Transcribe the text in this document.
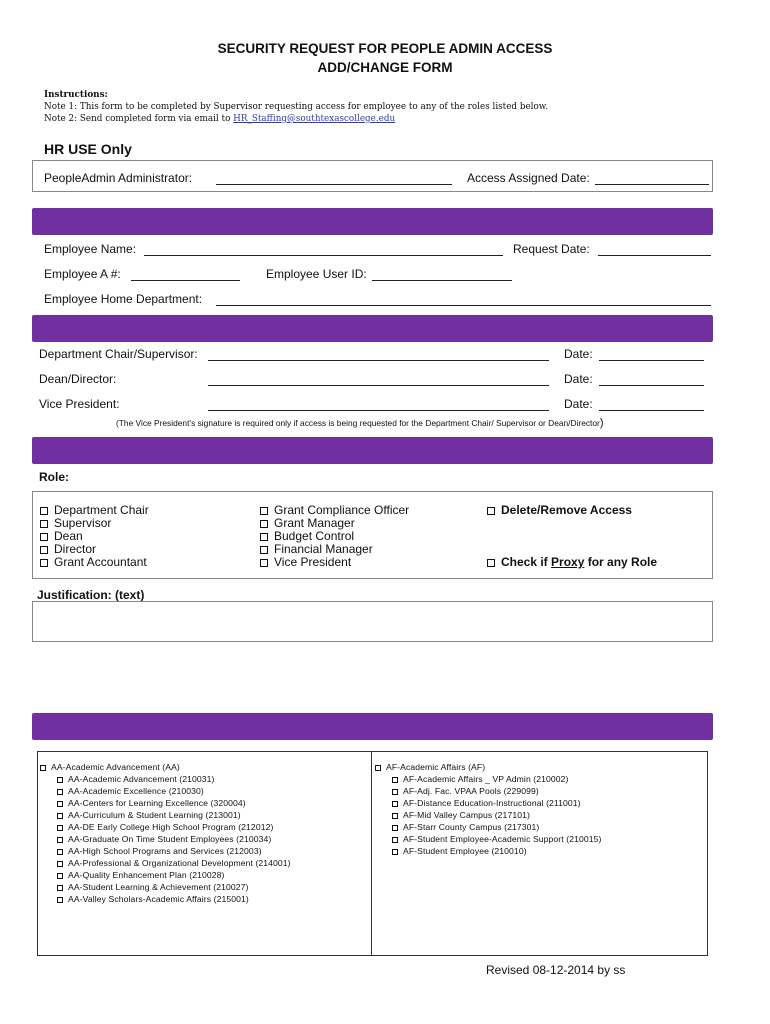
SECURITY REQUEST FOR PEOPLE ADMIN ACCESS
ADD/CHANGE FORM
Instructions:
Note 1: This form to be completed by Supervisor requesting access for employee to any of the roles listed below.
Note 2: Send completed form via email to HR_Staffing@southtexascollege.edu
HR USE Only
PeopleAdmin Administrator:	Access Assigned Date:
Employee Name:	Request Date:
Employee A #:	Employee User ID:
Employee Home Department:
Department Chair/Supervisor:	Date:
Dean/Director:	Date:
Vice President:	Date:
(The Vice President’s signature is required only if access is being requested for the Department Chair/ Supervisor or Dean/Director)
Role:
Department Chair
Supervisor
Dean
Director
Grant Accountant
Grant Compliance Officer
Grant Manager
Budget Control
Financial Manager
Vice President
Delete/Remove Access
Check if Proxy for any Role
Justification: (text)
AA-Academic Advancement (AA)
AA-Academic Advancement (210031)
AA-Academic Excellence (210030)
AA-Centers for Learning Excellence (320004)
AA-Curriculum & Student Learning (213001)
AA-DE Early College High School Program (212012)
AA-Graduate On Time Student Employees (210034)
AA-High School Programs and Services (212003)
AA-Professional & Organizational Development (214001)
AA-Quality Enhancement Plan (210028)
AA-Student Learning & Achievement (210027)
AA-Valley Scholars-Academic Affairs (215001)
AF-Academic Affairs (AF)
AF-Academic Affairs _ VP Admin (210002)
AF-Adj. Fac. VPAA Pools (229099)
AF-Distance Education-Instructional (211001)
AF-Mid Valley Campus (217101)
AF-Starr County Campus (217301)
AF-Student Employee-Academic Support (210015)
AF-Student Employee (210010)
Revised 08-12-2014 by ss
